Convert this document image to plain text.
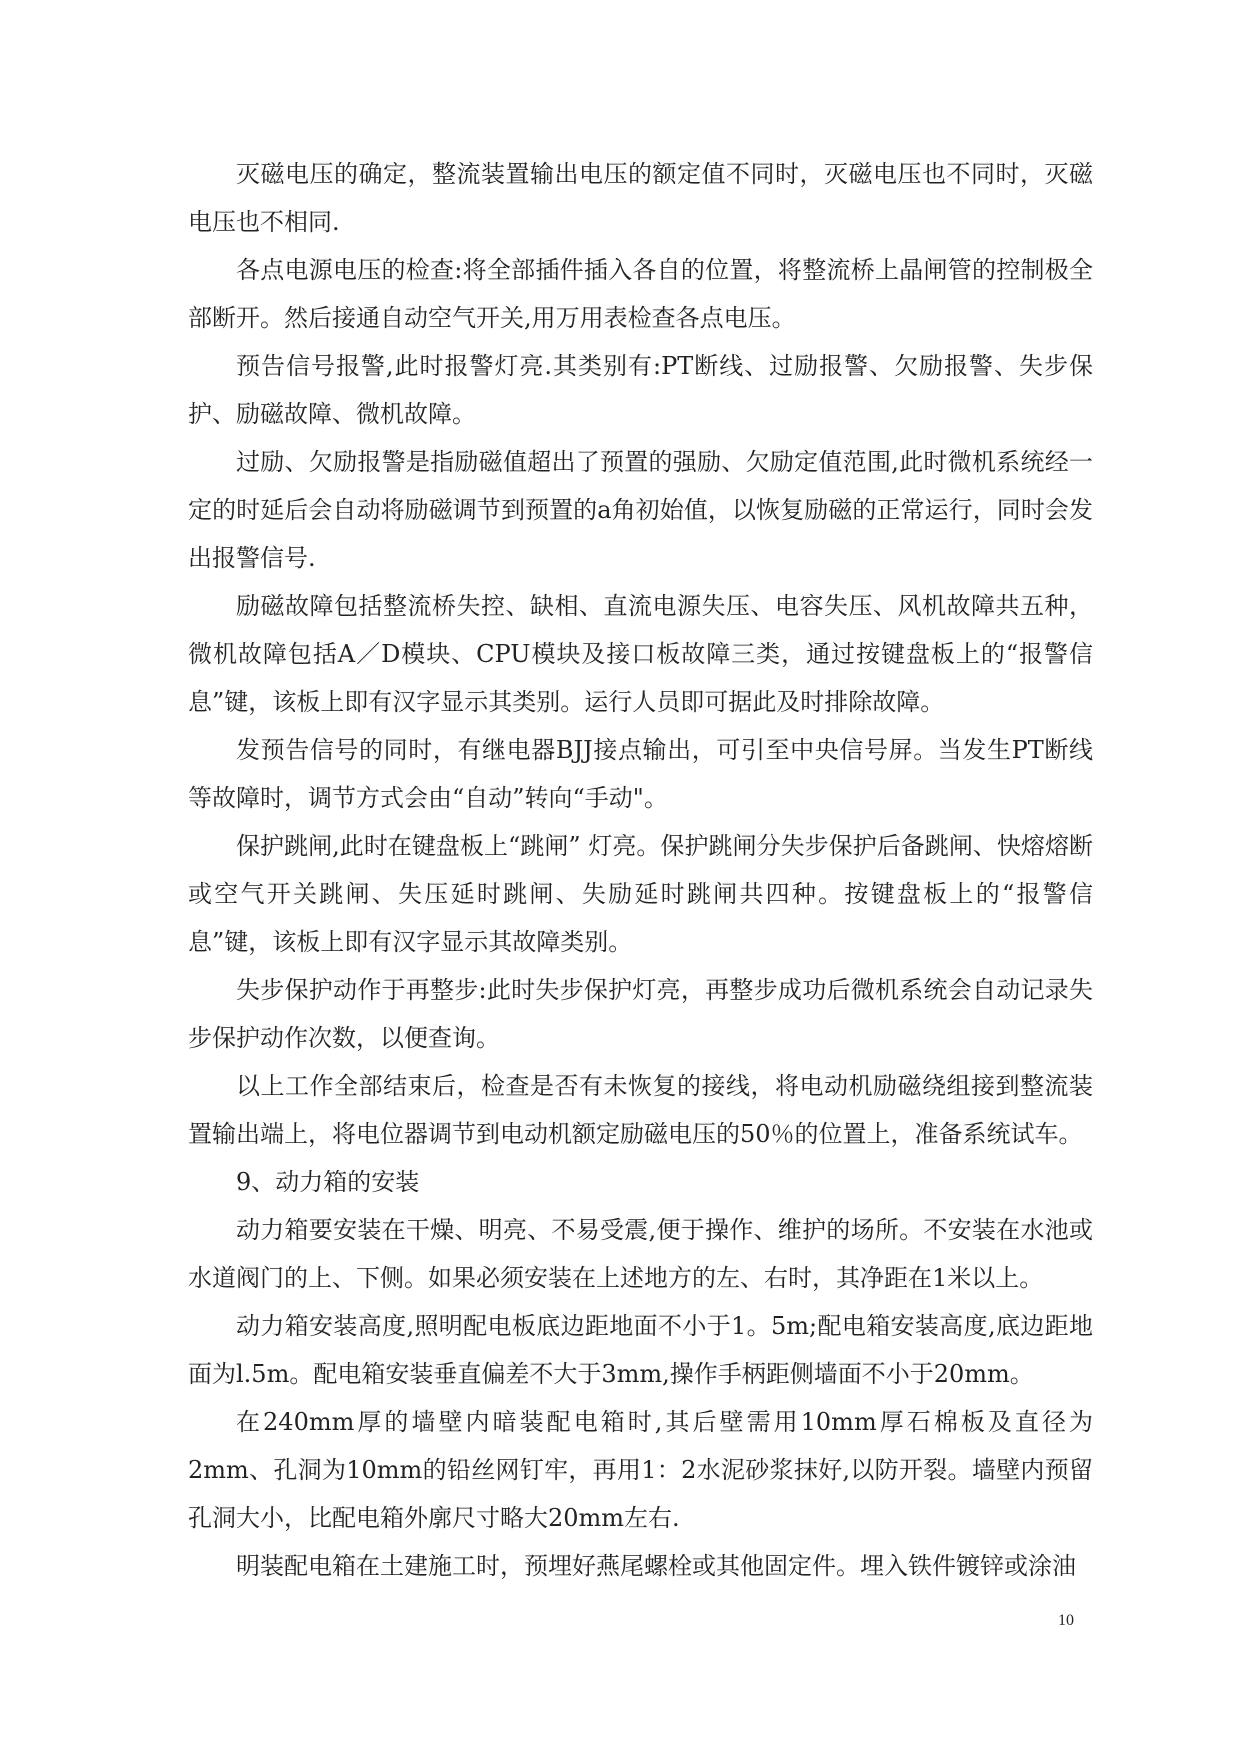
灭磁电压的确定，整流装置输出电压的额定值不同时，灭磁电压也不同时，灭磁电压也不相同.

各点电源电压的检查:将全部插件插入各自的位置，将整流桥上晶闸管的控制极全部断开。然后接通自动空气开关,用万用表检查各点电压。

预告信号报警,此时报警灯亮.其类别有:PT断线、过励报警、欠励报警、失步保护、励磁故障、微机故障。

过励、欠励报警是指励磁值超出了预置的强励、欠励定值范围,此时微机系统经一定的时延后会自动将励磁调节到预置的a角初始值，以恢复励磁的正常运行，同时会发出报警信号.

励磁故障包括整流桥失控、缺相、直流电源失压、电容失压、风机故障共五种，微机故障包括A／D模块、CPU模块及接口板故障三类，通过按键盘板上的“报警信息”键，该板上即有汉字显示其类别。运行人员即可据此及时排除故障。

发预告信号的同时，有继电器BJJ接点输出，可引至中央信号屏。当发生PT断线等故障时，调节方式会由“自动”转向“手动"。

保护跳闸,此时在键盘板上“跳闸” 灯亮。保护跳闸分失步保护后备跳闸、快熔熔断或空气开关跳闸、失压延时跳闸、失励延时跳闸共四种。按键盘板上的“报警信息”键，该板上即有汉字显示其故障类别。

失步保护动作于再整步:此时失步保护灯亮，再整步成功后微机系统会自动记录失步保护动作次数，以便查询。

以上工作全部结束后，检查是否有未恢复的接线，将电动机励磁绕组接到整流装置输出端上，将电位器调节到电动机额定励磁电压的50％的位置上，准备系统试车。

9、动力箱的安装

动力箱要安装在干燥、明亮、不易受震,便于操作、维护的场所。不安装在水池或水道阀门的上、下侧。如果必须安装在上述地方的左、右时，其净距在1米以上。

动力箱安装高度,照明配电板底边距地面不小于1。5m;配电箱安装高度,底边距地面为l.5m。配电箱安装垂直偏差不大于3mm,操作手柄距侧墙面不小于20mm。

在240mm厚的墙壁内暗装配电箱时,其后壁需用10mm厚石棉板及直径为2mm、孔洞为10mm的铅丝网钉牢，再用1：2水泥砂浆抹好,以防开裂。墙壁内预留孔洞大小，比配电箱外廓尺寸略大20mm左右.

明装配电箱在土建施工时，预埋好燕尾螺栓或其他固定件。埋入铁件镀锌或涂油

10
